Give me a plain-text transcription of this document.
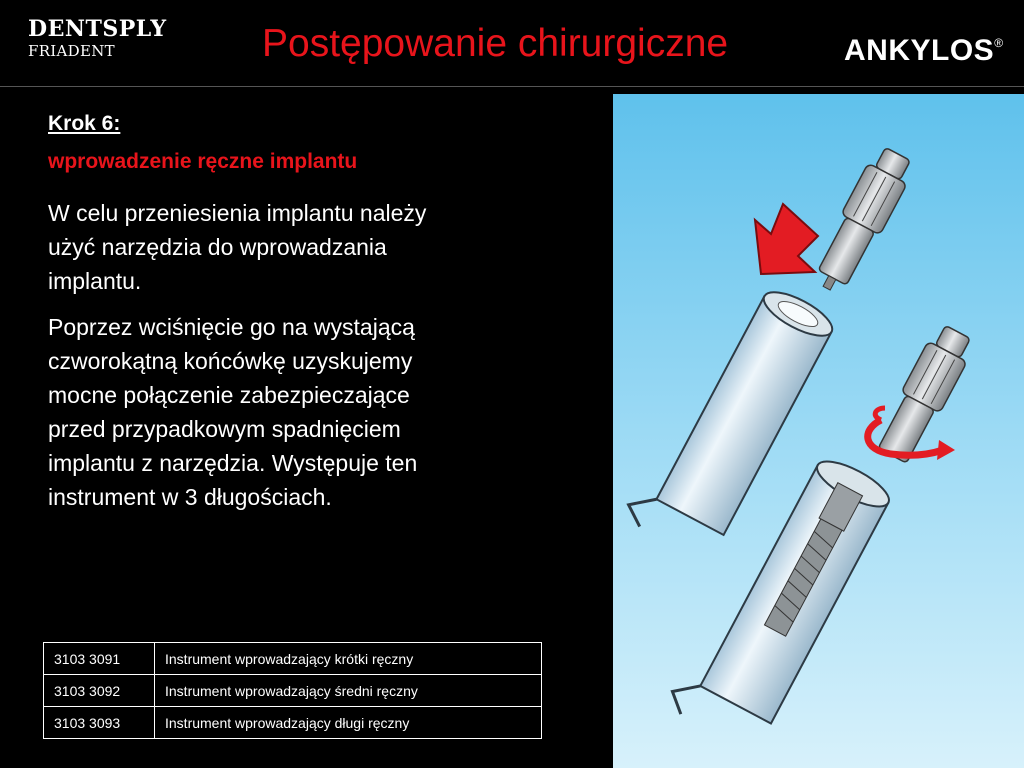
DENTSPLY
FRIADENT	Postępowanie chirurgiczne	ANKYLOS®
Krok 6:
wprowadzenie ręczne implantu
W celu przeniesienia implantu należy użyć narzędzia do wprowadzania implantu.
Poprzez wciśnięcie go na wystającą czworokątną końcówkę uzyskujemy mocne połączenie zabezpieczające przed przypadkowym spadnięciem implantu z narzędzia. Występuje ten instrument w 3 długościach.
3103 3091	Instrument wprowadzający krótki ręczny
3103 3092	Instrument wprowadzający średni ręczny
3103 3093	Instrument wprowadzający długi ręczny
